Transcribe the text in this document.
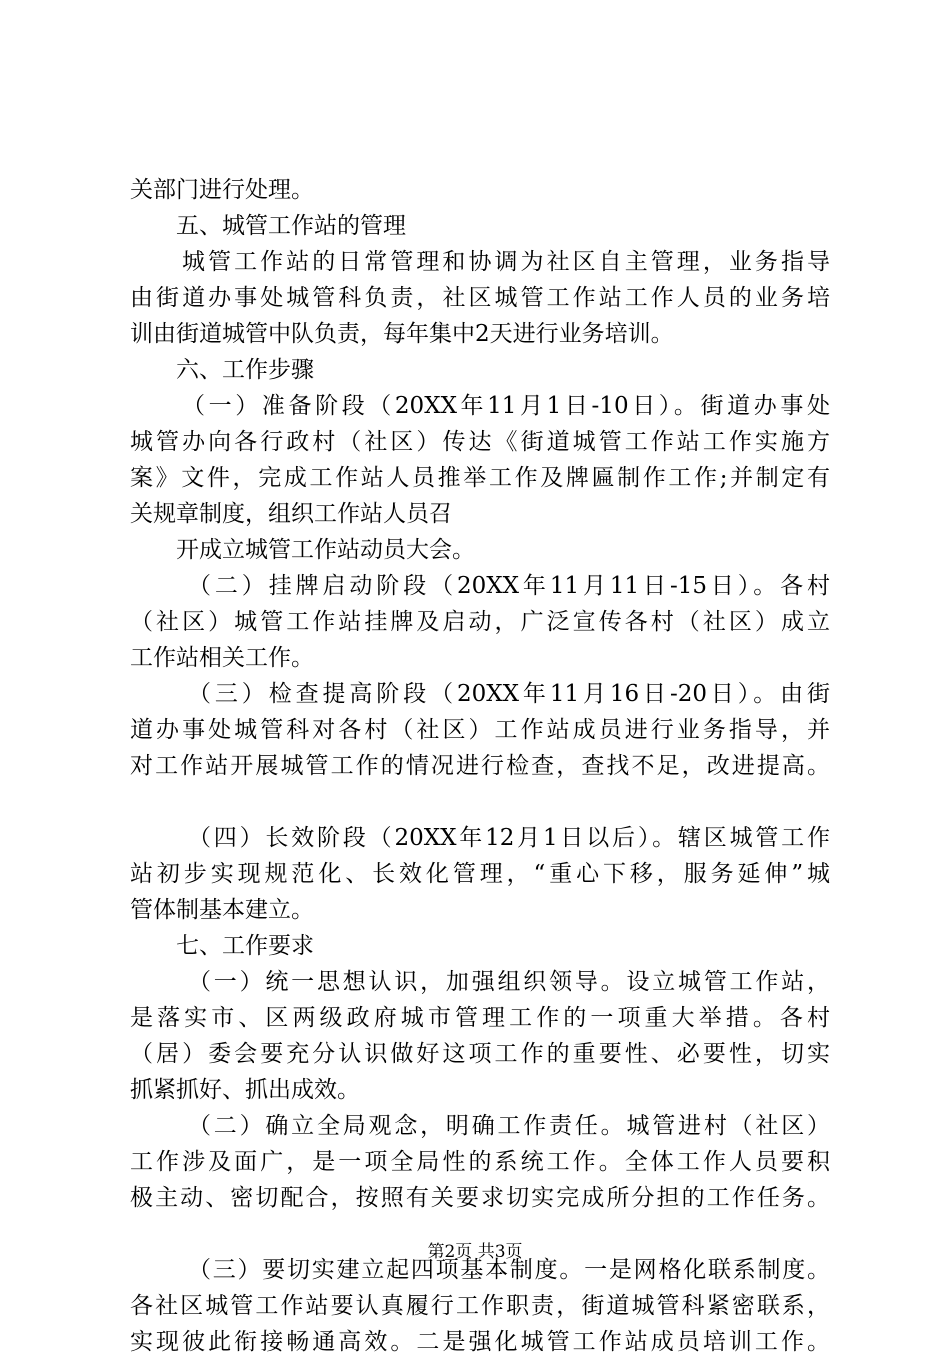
关部门进行处理。
五、城管工作站的管理
城管工作站的日常管理和协调为社区自主管理，业务指导
由街道办事处城管科负责，社区城管工作站工作人员的业务培
训由街道城管中队负责，每年集中2天进行业务培训。
六、工作步骤
（一）准备阶段（20XX年11月1日-10日）。街道办事处
城管办向各行政村（社区）传达《街道城管工作站工作实施方
案》文件，完成工作站人员推举工作及牌匾制作工作;并制定有
关规章制度，组织工作站人员召
开成立城管工作站动员大会。
（二）挂牌启动阶段（20XX年11月11日-15日）。各村
（社区）城管工作站挂牌及启动，广泛宣传各村（社区）成立
工作站相关工作。
（三）检查提高阶段（20XX年11月16日-20日）。由街
道办事处城管科对各村（社区）工作站成员进行业务指导，并
对工作站开展城管工作的情况进行检查，查找不足，改进提高。
（四）长效阶段（20XX年12月1日以后）。辖区城管工作
站初步实现规范化、长效化管理，“重心下移，服务延伸”城
管体制基本建立。
七、工作要求
（一）统一思想认识，加强组织领导。设立城管工作站，
是落实市、区两级政府城市管理工作的一项重大举措。各村
（居）委会要充分认识做好这项工作的重要性、必要性，切实
抓紧抓好、抓出成效。
（二）确立全局观念，明确工作责任。城管进村（社区）
工作涉及面广，是一项全局性的系统工作。全体工作人员要积
极主动、密切配合，按照有关要求切实完成所分担的工作任务。
（三）要切实建立起四项基本制度。一是网格化联系制度。
各社区城管工作站要认真履行工作职责，街道城管科紧密联系，
实现彼此衔接畅通高效。二是强化城管工作站成员培训工作。
第2页 共3页
